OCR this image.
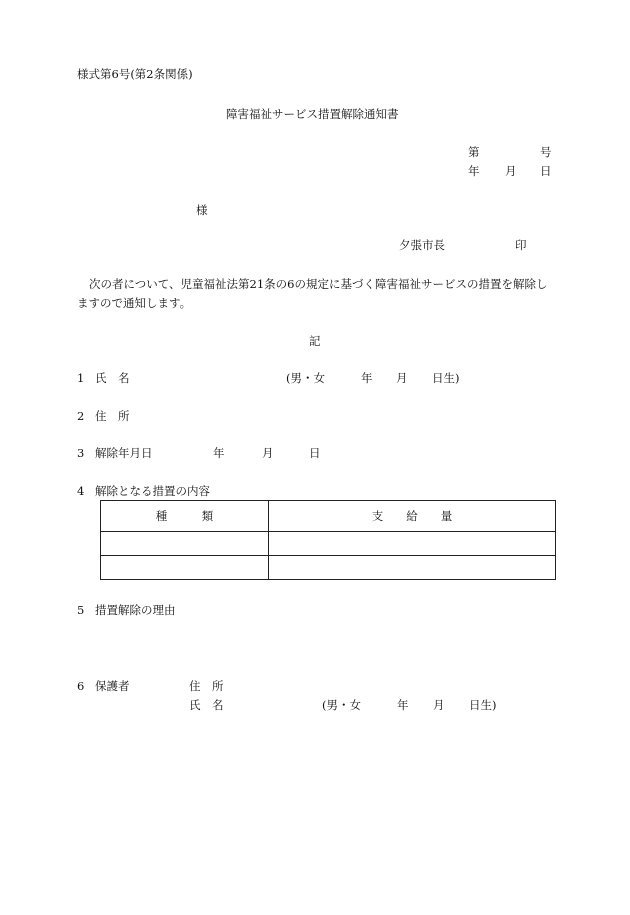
様式第6号(第2条関係)
障害福祉サービス措置解除通知書
第	号
年 月 日
様
夕張市長	印
次の者について、児童福祉法第21条の6の規定に基づく障害福祉サービスの措置を解除し
ますので通知します。
記
1 氏　名	(男・女	年 月 日生)
2 住　所
3 解除年月日	年	月	日
4 解除となる措置の内容
種　　　類	支　　給　　量

5 措置解除の理由
6 保護者	住　所
氏　名	(男・女	年 月 日生)
